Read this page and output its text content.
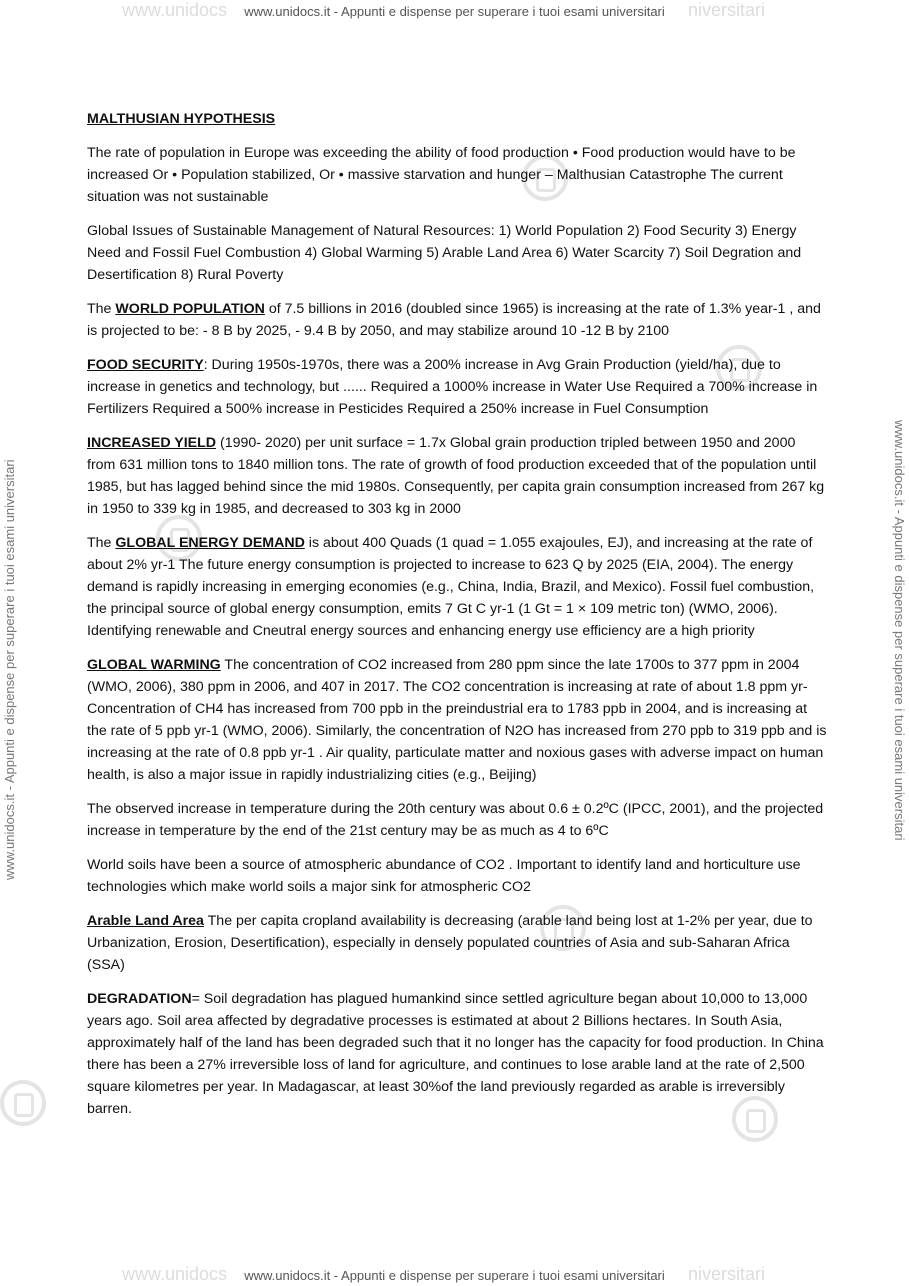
www.unidocs www.unidocs.it - Appunti e dispense per superare i tuoi esami universitari niversitari
www.unidocs www.unidocs.it - Appunti e dispense per superare i tuoi esami universitari niversitari
www.unidocs.it - Appunti e dispense per superare i tuoi esami universitari	www.unidocs.it - Appunti e dispense per superare i tuoi esami universitari

MALTHUSIAN HYPOTHESIS

The rate of population in Europe was exceeding the ability of food production • Food production would have to be increased Or • Population stabilized, Or • massive starvation and hunger – Malthusian Catastrophe The current situation was not sustainable

Global Issues of Sustainable Management of Natural Resources: 1) World Population 2) Food Security 3) Energy Need and Fossil Fuel Combustion 4) Global Warming 5) Arable Land Area 6) Water Scarcity 7) Soil Degration and Desertification 8) Rural Poverty

The WORLD POPULATION of 7.5 billions in 2016 (doubled since 1965) is increasing at the rate of 1.3% year-1 , and is projected to be: - 8 B by 2025, - 9.4 B by 2050, and may stabilize around 10 -12 B by 2100

FOOD SECURITY: During 1950s-1970s, there was a 200% increase in Avg Grain Production (yield/ha), due to increase in genetics and technology, but ...... Required a 1000% increase in Water Use Required a 700% increase in Fertilizers Required a 500% increase in Pesticides Required a 250% increase in Fuel Consumption

INCREASED YIELD (1990- 2020) per unit surface = 1.7x Global grain production tripled between 1950 and 2000 from 631 million tons to 1840 million tons. The rate of growth of food production exceeded that of the population until 1985, but has lagged behind since the mid 1980s. Consequently, per capita grain consumption increased from 267 kg in 1950 to 339 kg in 1985, and decreased to 303 kg in 2000

The GLOBAL ENERGY DEMAND is about 400 Quads (1 quad = 1.055 exajoules, EJ), and increasing at the rate of about 2% yr-1 The future energy consumption is projected to increase to 623 Q by 2025 (EIA, 2004). The energy demand is rapidly increasing in emerging economies (e.g., China, India, Brazil, and Mexico). Fossil fuel combustion, the principal source of global energy consumption, emits 7 Gt C yr-1 (1 Gt = 1 × 109 metric ton) (WMO, 2006). Identifying renewable and Cneutral energy sources and enhancing energy use efficiency are a high priority

GLOBAL WARMING The concentration of CO2 increased from 280 ppm since the late 1700s to 377 ppm in 2004 (WMO, 2006), 380 ppm in 2006, and 407 in 2017. The CO2 concentration is increasing at rate of about 1.8 ppm yr- Concentration of CH4 has increased from 700 ppb in the preindustrial era to 1783 ppb in 2004, and is increasing at the rate of 5 ppb yr-1 (WMO, 2006). Similarly, the concentration of N2O has increased from 270 ppb to 319 ppb and is increasing at the rate of 0.8 ppb yr-1 . Air quality, particulate matter and noxious gases with adverse impact on human health, is also a major issue in rapidly industrializing cities (e.g., Beijing)

The observed increase in temperature during the 20th century was about 0.6 ± 0.2ºC (IPCC, 2001), and the projected increase in temperature by the end of the 21st century may be as much as 4 to 6ºC

World soils have been a source of atmospheric abundance of CO2 . Important to identify land and horticulture use technologies which make world soils a major sink for atmospheric CO2

Arable Land Area The per capita cropland availability is decreasing (arable land being lost at 1-2% per year, due to Urbanization, Erosion, Desertification), especially in densely populated countries of Asia and sub-Saharan Africa (SSA)

DEGRADATION= Soil degradation has plagued humankind since settled agriculture began about 10,000 to 13,000 years ago. Soil area affected by degradative processes is estimated at about 2 Billions hectares. In South Asia, approximately half of the land has been degraded such that it no longer has the capacity for food production. In China there has been a 27% irreversible loss of land for agriculture, and continues to lose arable land at the rate of 2,500 square kilometres per year. In Madagascar, at least 30%of the land previously regarded as arable is irreversibly barren.
